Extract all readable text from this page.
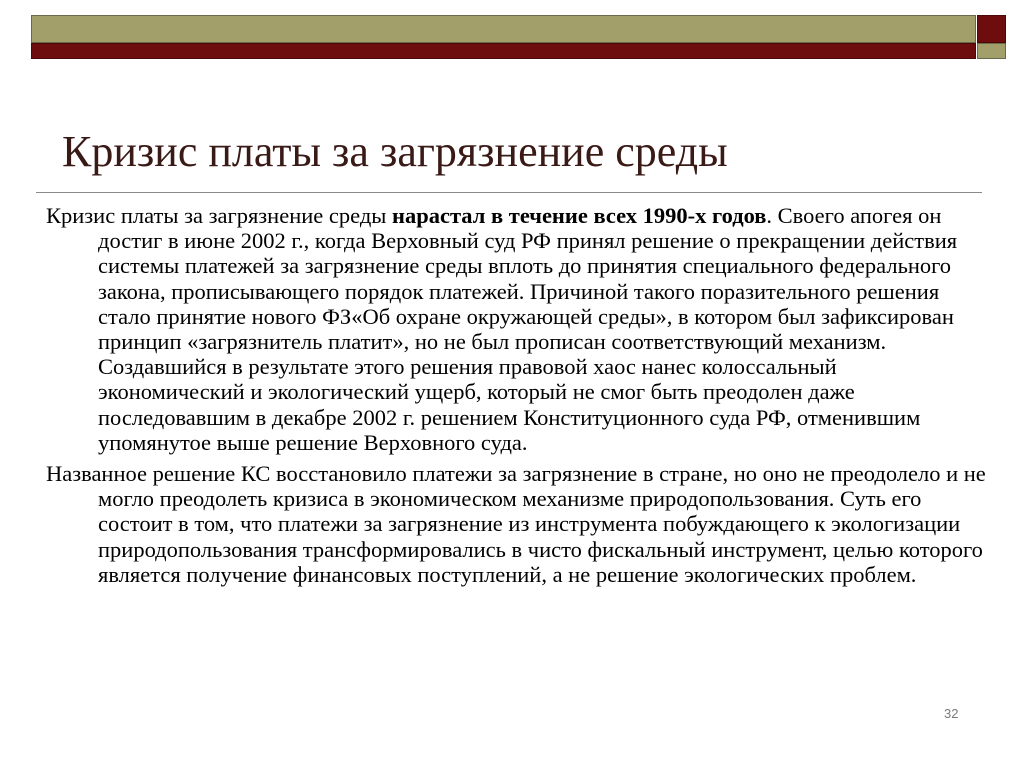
Кризис платы за загрязнение среды

Кризис платы за загрязнение среды нарастал в течение всех 1990-х годов. Своего апогея он достиг в июне 2002 г., когда Верховный суд РФ принял решение о прекращении действия системы платежей за загрязнение среды вплоть до принятия специального федерального закона, прописывающего порядок платежей. Причиной такого поразительного решения стало принятие нового ФЗ«Об охране окружающей среды», в котором был зафиксирован принцип «загрязнитель платит», но не был прописан соответствующий механизм. Создавшийся в результате этого решения правовой хаос нанес колоссальный экономический и экологический ущерб, который не смог быть преодолен даже последовавшим в декабре 2002 г. решением Конституционного суда РФ, отменившим упомянутое выше решение Верховного суда.

Названное решение КС восстановило платежи за загрязнение в стране, но оно не преодолело и не могло преодолеть кризиса в экономическом механизме природопользования. Суть его состоит в том, что платежи за загрязнение из инструмента побуждающего к экологизации природопользования трансформировались в чисто фискальный инструмент, целью которого является получение финансовых поступлений, а не решение экологических проблем.

32
